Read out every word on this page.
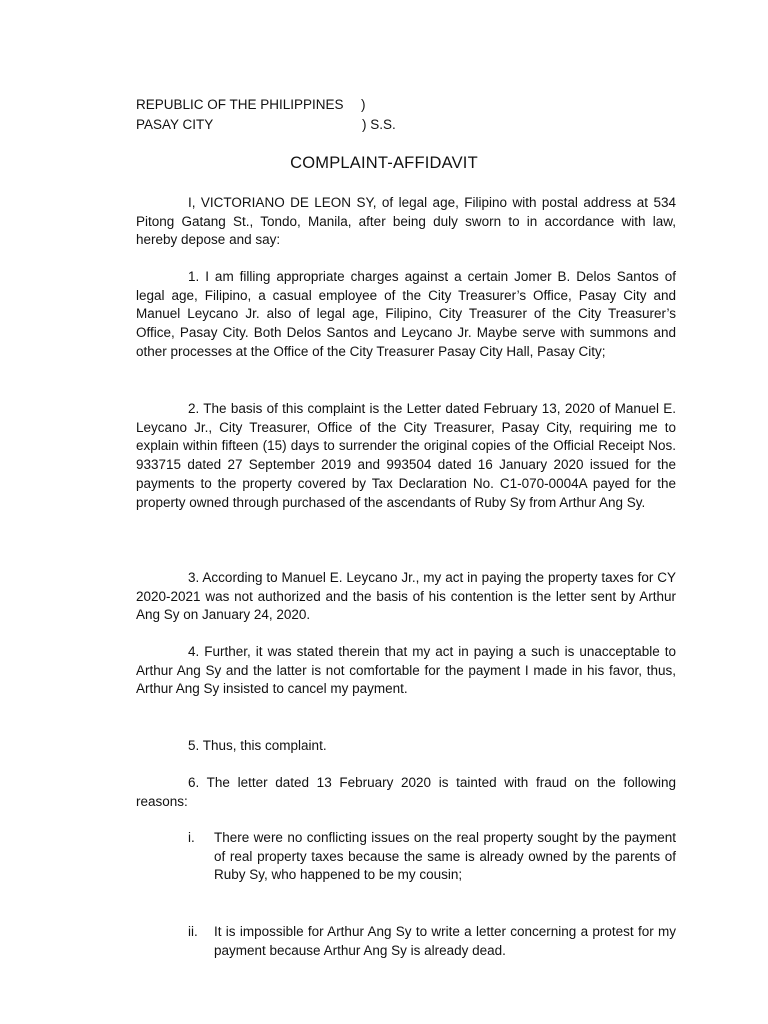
REPUBLIC OF THE PHILIPPINES )
PASAY CITY	) S.S.
COMPLAINT-AFFIDAVIT
I, VICTORIANO DE LEON SY, of legal age, Filipino with postal address at 534 Pitong Gatang St., Tondo, Manila, after being duly sworn to in accordance with law, hereby depose and say:
1. I am filling appropriate charges against a certain Jomer B. Delos Santos of legal age, Filipino, a casual employee of the City Treasurer’s Office, Pasay City and Manuel Leycano Jr. also of legal age, Filipino, City Treasurer of the City Treasurer’s Office, Pasay City. Both Delos Santos and Leycano Jr. Maybe serve with summons and other processes at the Office of the City Treasurer Pasay City Hall, Pasay City;
2. The basis of this complaint is the Letter dated February 13, 2020 of Manuel E. Leycano Jr., City Treasurer, Office of the City Treasurer, Pasay City, requiring me to explain within fifteen (15) days to surrender the original copies of the Official Receipt Nos. 933715 dated 27 September 2019 and 993504 dated 16 January 2020 issued for the payments to the property covered by Tax Declaration No. C1-070-0004A payed for the property owned through purchased of the ascendants of Ruby Sy from Arthur Ang Sy.
3. According to Manuel E. Leycano Jr., my act in paying the property taxes for CY 2020-2021 was not authorized and the basis of his contention is the letter sent by Arthur Ang Sy on January 24, 2020.
4. Further, it was stated therein that my act in paying a such is unacceptable to Arthur Ang Sy and the latter is not comfortable for the payment I made in his favor, thus, Arthur Ang Sy insisted to cancel my payment.
5. Thus, this complaint.
6. The letter dated 13 February 2020 is tainted with fraud on the following reasons:
i.	There were no conflicting issues on the real property sought by the payment of real property taxes because the same is already owned by the parents of Ruby Sy, who happened to be my cousin;
ii.	It is impossible for Arthur Ang Sy to write a letter concerning a protest for my payment because Arthur Ang Sy is already dead.
